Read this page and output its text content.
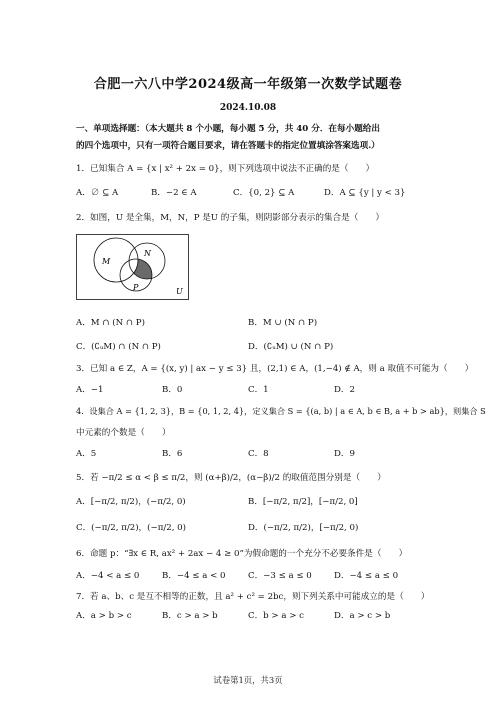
合肥一六八中学2024级高一年级第一次数学试题卷
2024.10.08
一、单项选择题：（本大题共 8 个小题，每小题 5 分，共 40 分．在每小题给出
的四个选项中，只有一项符合题目要求，请在答题卡的指定位置填涂答案选项.）
1．已知集合 A = {x | x² + 2x = 0}，则下列选项中说法不正确的是（　　）
A．∅ ⊆ A	B．−2 ∈ A	C．{0, 2} ⊆ A	D．A ⊆ {y | y < 3}
2．如图，U 是全集，M，N，P 是U 的子集，则阴影部分表示的集合是（　　）
M
N
P	U
A．M ∩ (N ∩ P)	B．M ∪ (N ∩ P)
C．(∁ᵤM) ∩ (N ∩ P)	D．(∁ᵤM) ∪ (N ∩ P)
3．已知 a ∈ Z，A = {(x, y) | ax − y ≤ 3} 且，(2,1) ∈ A，(1,−4) ∉ A，则 a 取值不可能为（　　）
A．−1	B．0	C．1	D．2
4．设集合 A = {1, 2, 3}，B = {0, 1, 2, 4}，定义集合 S = {(a, b) | a ∈ A, b ∈ B, a + b > ab}，则集合 S
中元素的个数是（　　）
A．5	B．6	C．8	D．9
5．若 −π/2 ≤ α < β ≤ π/2，则 (α+β)/2，(α−β)/2 的取值范围分别是（　　）
A．[−π/2, π/2)，(−π/2, 0)	B．[−π/2, π/2]，[−π/2, 0]
C．(−π/2, π/2)，(−π/2, 0)	D．(−π/2, π/2)，[−π/2, 0)
6．命题 p：“∃x ∈ R, ax² + 2ax − 4 ≥ 0”为假命题的一个充分不必要条件是（　　）
A．−4 < a ≤ 0	B．−4 ≤ a < 0	C．−3 ≤ a ≤ 0	D．−4 ≤ a ≤ 0
7．若 a、b、c 是互不相等的正数，且 a² + c² = 2bc，则下列关系中可能成立的是（　　）
A．a > b > c	B．c > a > b	C．b > a > c	D．a > c > b
试卷第1页，共3页
